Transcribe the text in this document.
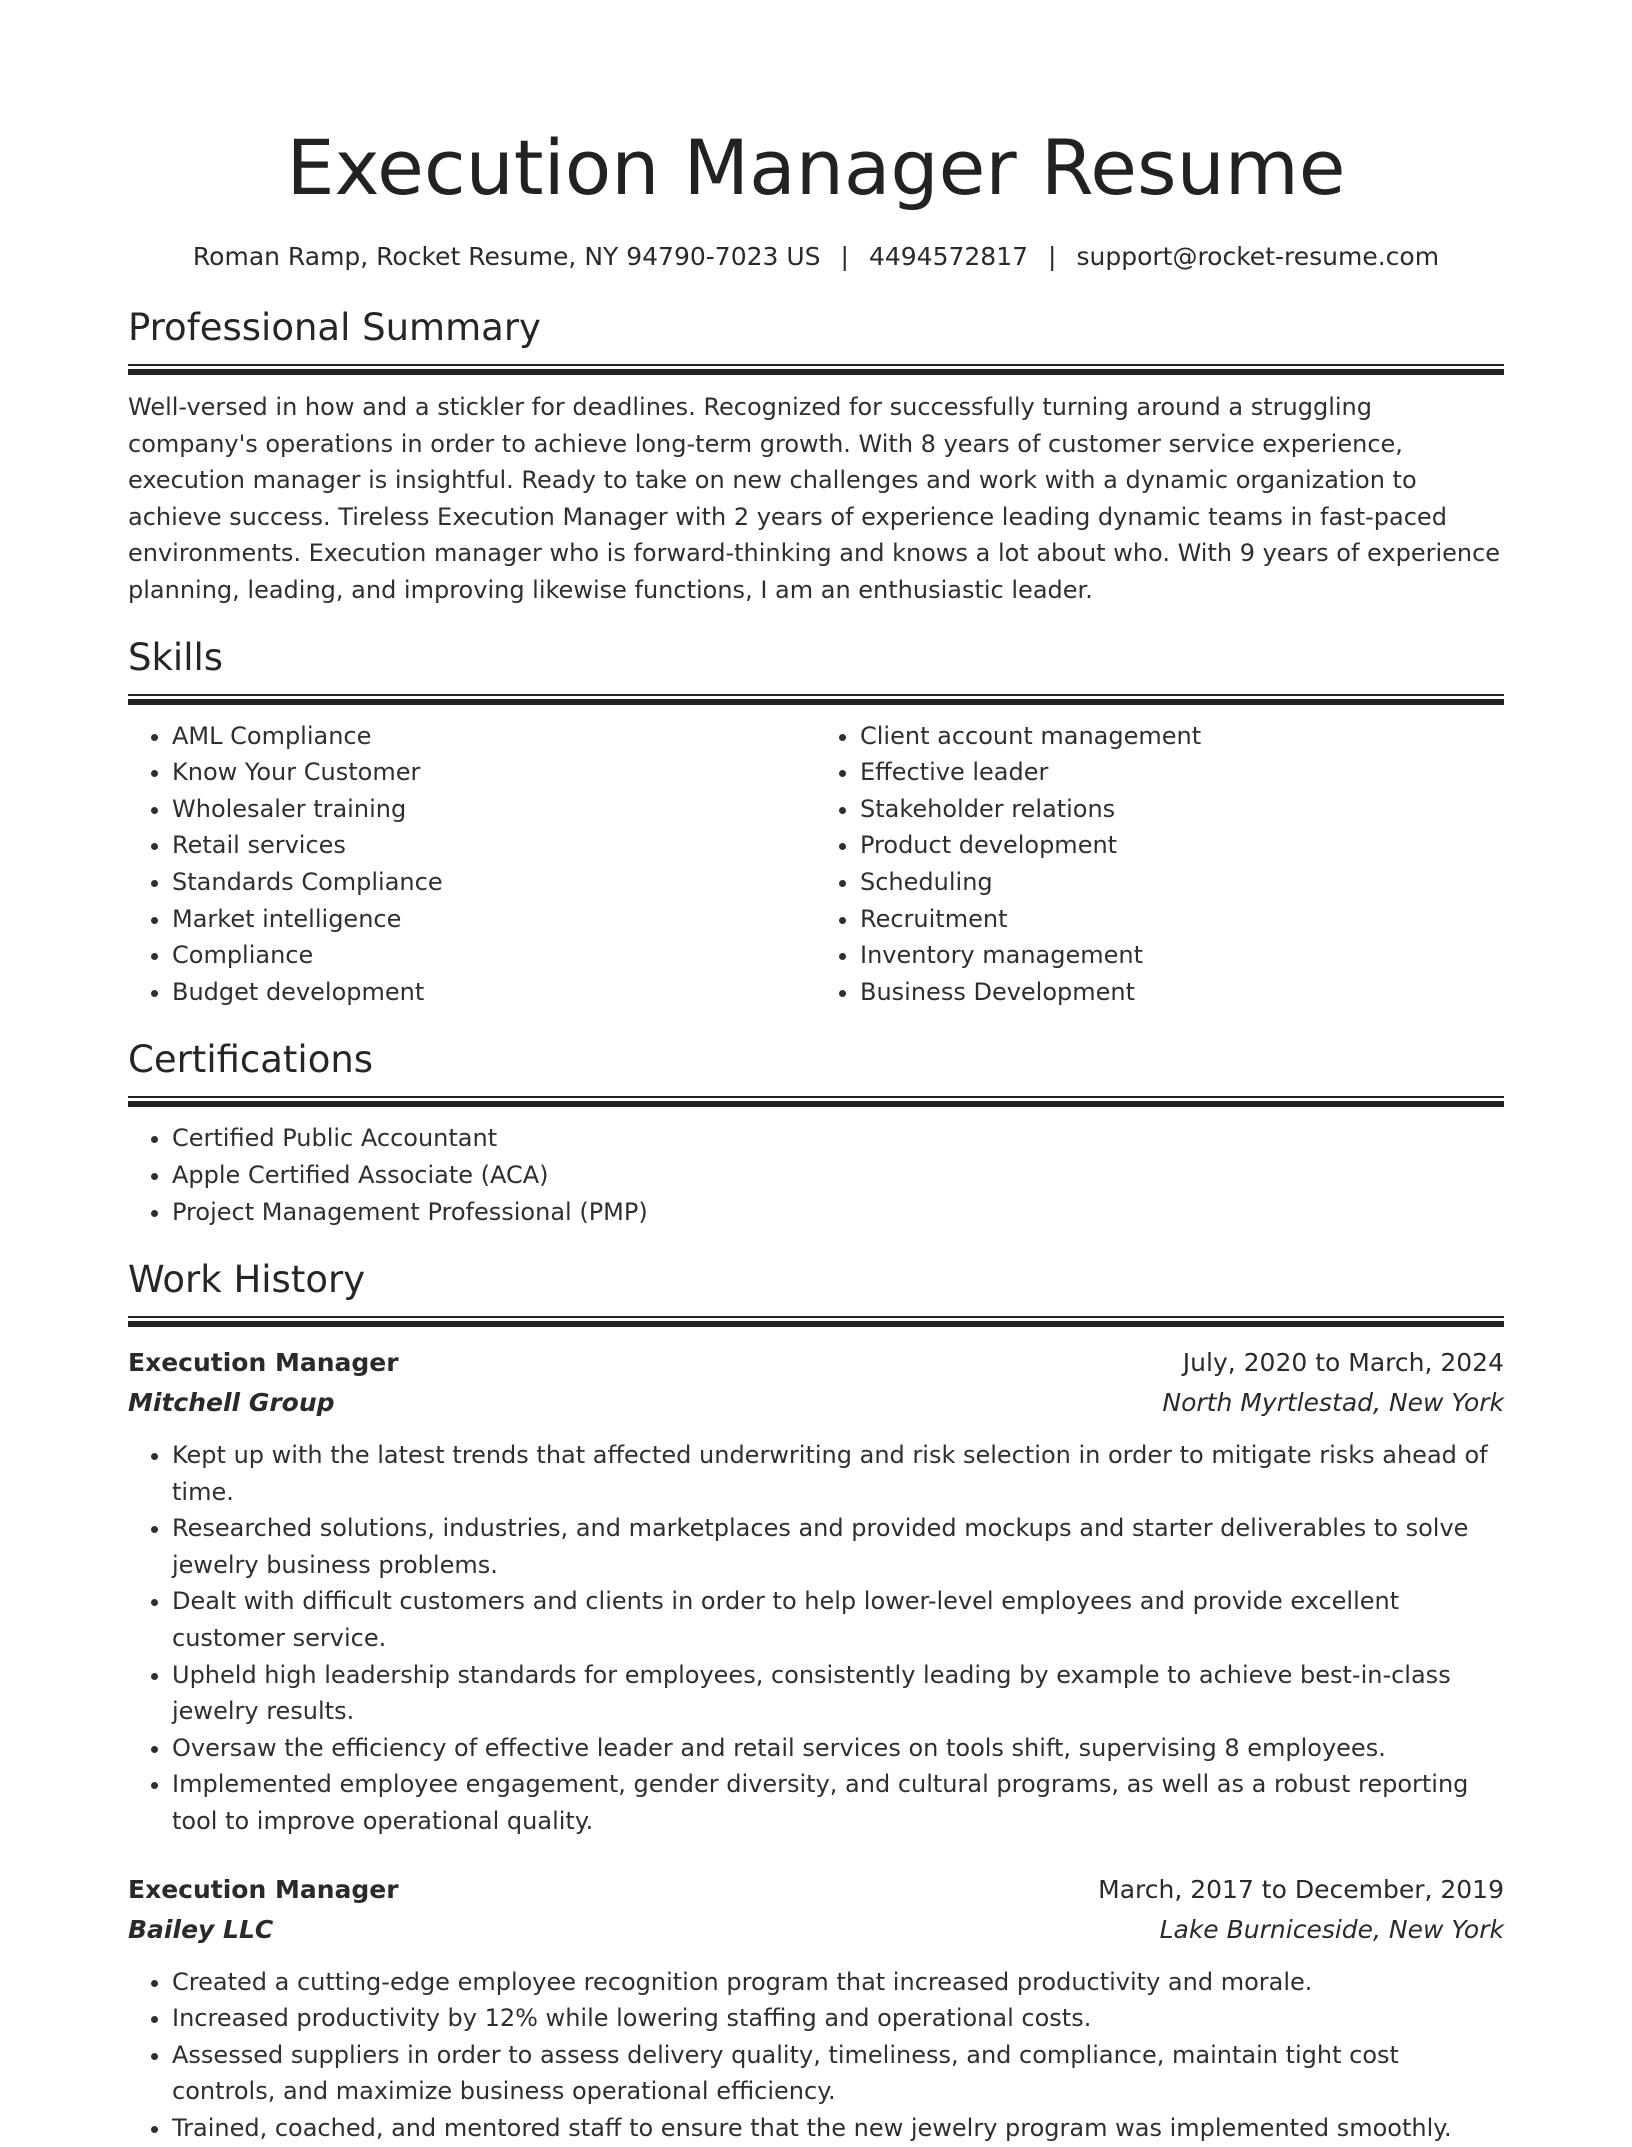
Execution Manager Resume
Roman Ramp, Rocket Resume, NY 94790-7023 US | 4494572817 | support@rocket-resume.com
Professional Summary

Well-versed in how and a stickler for deadlines. Recognized for successfully turning around a struggling company's operations in order to achieve long-term growth. With 8 years of customer service experience, execution manager is insightful. Ready to take on new challenges and work with a dynamic organization to achieve success. Tireless Execution Manager with 2 years of experience leading dynamic teams in fast-paced environments. Execution manager who is forward-thinking and knows a lot about who. With 9 years of experience planning, leading, and improving likewise functions, I am an enthusiastic leader.

Skills
• AML Compliance
• Know Your Customer
• Wholesaler training
• Retail services
• Standards Compliance
• Market intelligence
• Compliance
• Budget development
• Client account management
• Effective leader
• Stakeholder relations
• Product development
• Scheduling
• Recruitment
• Inventory management
• Business Development
Certifications
• Certified Public Accountant
• Apple Certified Associate (ACA)
• Project Management Professional (PMP)
Work History
Execution Manager	July, 2020 to March, 2024
Mitchell Group	North Myrtlestad, New York
• Kept up with the latest trends that affected underwriting and risk selection in order to mitigate risks ahead of time.
• Researched solutions, industries, and marketplaces and provided mockups and starter deliverables to solve jewelry business problems.
• Dealt with difficult customers and clients in order to help lower-level employees and provide excellent customer service.
• Upheld high leadership standards for employees, consistently leading by example to achieve best-in-class jewelry results.
• Oversaw the efficiency of effective leader and retail services on tools shift, supervising 8 employees.
• Implemented employee engagement, gender diversity, and cultural programs, as well as a robust reporting tool to improve operational quality.
Execution Manager	March, 2017 to December, 2019
Bailey LLC	Lake Burniceside, New York
• Created a cutting-edge employee recognition program that increased productivity and morale.
• Increased productivity by 12% while lowering staffing and operational costs.
• Assessed suppliers in order to assess delivery quality, timeliness, and compliance, maintain tight cost controls, and maximize business operational efficiency.
• Trained, coached, and mentored staff to ensure that the new jewelry program was implemented smoothly.
